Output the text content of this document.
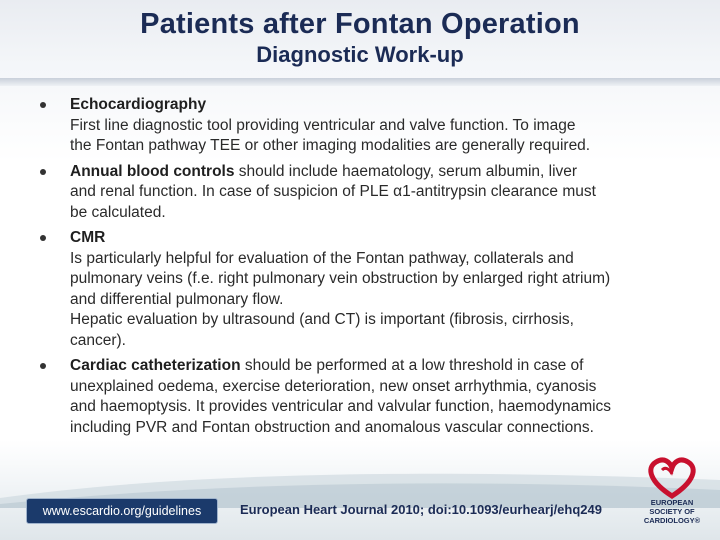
Patients after Fontan Operation
Diagnostic Work-up
Echocardiography
First line diagnostic tool providing ventricular and valve function. To image
the Fontan pathway TEE or other imaging modalities are generally required.
Annual blood controls should include haematology, serum albumin, liver
and renal function. In case of suspicion of PLE α1-antitrypsin clearance must
be calculated.
CMR
Is particularly helpful for evaluation of the Fontan pathway, collaterals and
pulmonary veins (f.e. right pulmonary vein obstruction by enlarged right atrium)
and differential pulmonary flow.
Hepatic evaluation by ultrasound (and CT) is important (fibrosis, cirrhosis,
cancer).
Cardiac catheterization should be performed at a low threshold in case of
unexplained oedema, exercise deterioration, new onset arrhythmia, cyanosis
and haemoptysis. It provides ventricular and valvular function, haemodynamics
including PVR and Fontan obstruction and anomalous vascular connections.
www.escardio.org/guidelines	European Heart Journal 2010; doi:10.1093/eurhearj/ehq249	EUROPEAN
SOCIETY OF
CARDIOLOGY®
